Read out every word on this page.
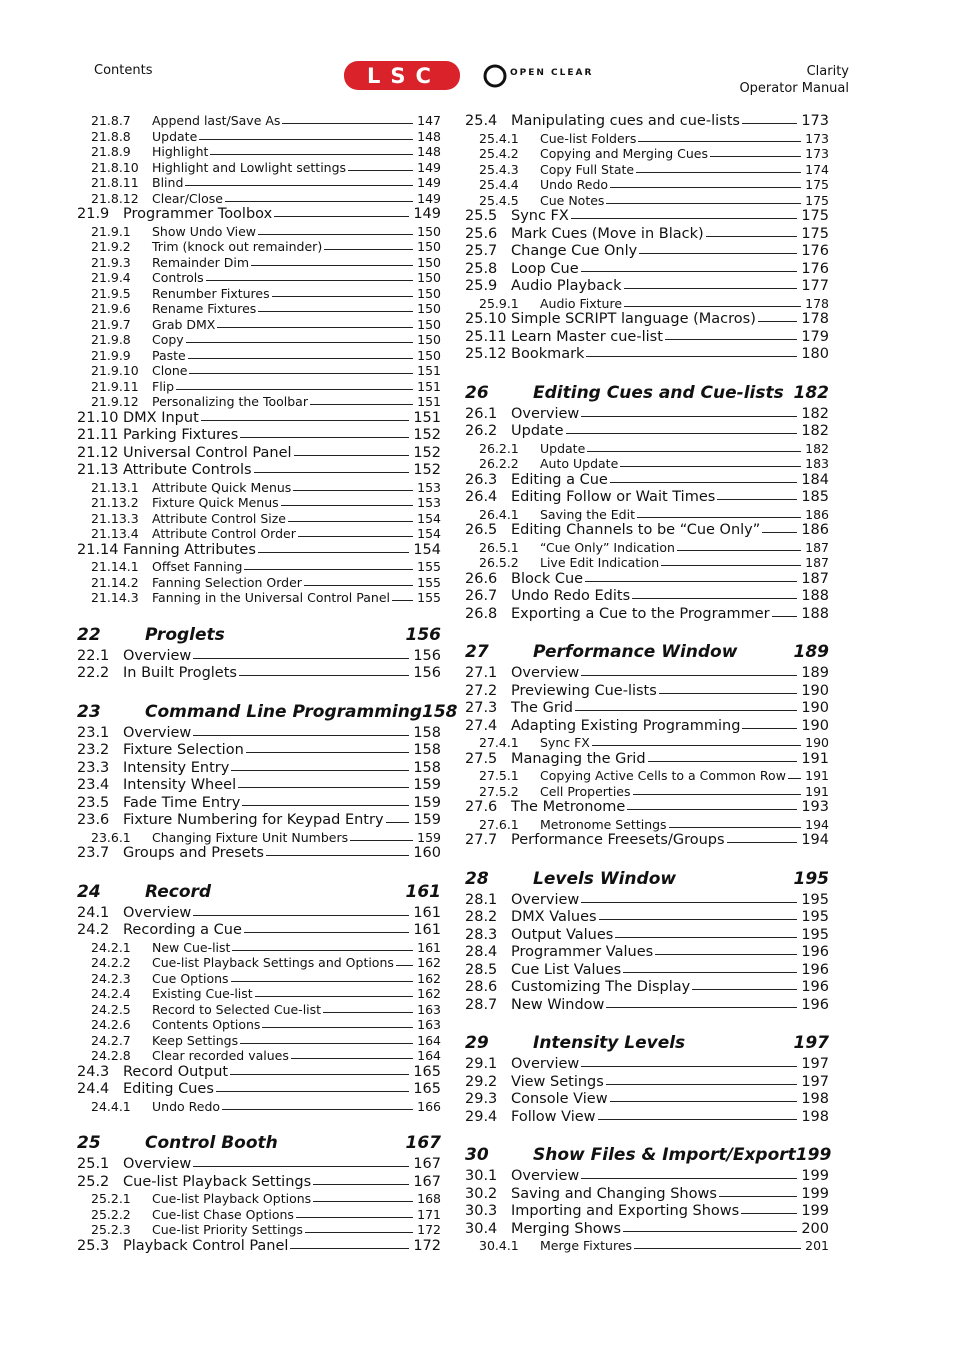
Contents	LSC	OPEN CLEAR	Clarity
Operator Manual
21.8.7	Append last/Save As	147
21.8.8	Update	148
21.8.9	Highlight	148
21.8.10	Highlight and Lowlight settings	149
21.8.11	Blind	149
21.8.12	Clear/Close	149
21.9 Programmer Toolbox	149
21.9.1	Show Undo View	150
21.9.2	Trim (knock out remainder)	150
21.9.3	Remainder Dim	150
21.9.4	Controls	150
21.9.5	Renumber Fixtures	150
21.9.6	Rename Fixtures	150
21.9.7	Grab DMX	150
21.9.8	Copy	150
21.9.9	Paste	150
21.9.10	Clone	151
21.9.11	Flip	151
21.9.12	Personalizing the Toolbar	151
21.10 DMX Input	151
21.11 Parking Fixtures	152
21.12 Universal Control Panel	152
21.13 Attribute Controls	152
21.13.1	Attribute Quick Menus	153
21.13.2	Fixture Quick Menus	153
21.13.3	Attribute Control Size	154
21.13.4	Attribute Control Order	154
21.14 Fanning Attributes	154
21.14.1	Offset Fanning	155
21.14.2	Fanning Selection Order	155
21.14.3	Fanning in the Universal Control Panel 155
22	Proglets	156
22.1 Overview	156
22.2 In Built Proglets	156
23	Command Line Programming 158
23.1 Overview	158
23.2 Fixture Selection	158
23.3 Intensity Entry	158
23.4 Intensity Wheel	159
23.5 Fade Time Entry	159
23.6 Fixture Numbering for Keypad Entry 159
23.6.1	Changing Fixture Unit Numbers	159
23.7 Groups and Presets	160
24	Record	161
24.1 Overview	161
24.2 Recording a Cue	161
24.2.1	New Cue-list	161
24.2.2	Cue-list Playback Settings and Options 162
24.2.3	Cue Options	162
24.2.4	Existing Cue-list	162
24.2.5	Record to Selected Cue-list	163
24.2.6	Contents Options	163
24.2.7	Keep Settings	164
24.2.8	Clear recorded values	164
24.3 Record Output	165
24.4 Editing Cues	165
24.4.1	Undo Redo	166
25	Control Booth	167
25.1 Overview	167
25.2 Cue-list Playback Settings	167
25.2.1	Cue-list Playback Options	168
25.2.2	Cue-list Chase Options	171
25.2.3	Cue-list Priority Settings	172
25.3 Playback Control Panel	172
25.4 Manipulating cues and cue-lists	173
25.4.1	Cue-list Folders	173
25.4.2	Copying and Merging Cues	173
25.4.3	Copy Full State	174
25.4.4	Undo Redo	175
25.4.5	Cue Notes	175
25.5 Sync FX	175
25.6 Mark Cues (Move in Black)	175
25.7 Change Cue Only	176
25.8 Loop Cue	176
25.9 Audio Playback	177
25.9.1	Audio Fixture	178
25.10 Simple SCRIPT language (Macros)	178
25.11 Learn Master cue-list	179
25.12 Bookmark	180
26	Editing Cues and Cue-lists 182
26.1 Overview	182
26.2 Update	182
26.2.1	Update	182
26.2.2	Auto Update	183
26.3 Editing a Cue	184
26.4 Editing Follow or Wait Times	185
26.4.1	Saving the Edit	186
26.5 Editing Channels to be “Cue Only”	186
26.5.1	“Cue Only” Indication	187
26.5.2	Live Edit Indication	187
26.6 Block Cue	187
26.7 Undo Redo Edits	188
26.8 Exporting a Cue to the Programmer 188
27	Performance Window	189
27.1 Overview	189
27.2 Previewing Cue-lists	190
27.3 The Grid	190
27.4 Adapting Existing Programming	190
27.4.1	Sync FX	190
27.5 Managing the Grid	191
27.5.1	Copying Active Cells to a Common Row 191
27.5.2	Cell Properties	191
27.6 The Metronome	193
27.6.1	Metronome Settings	194
27.7 Performance Freesets/Groups	194
28	Levels Window	195
28.1 Overview	195
28.2 DMX Values	195
28.3 Output Values	195
28.4 Programmer Values	196
28.5 Cue List Values	196
28.6 Customizing The Display	196
28.7 New Window	196
29	Intensity Levels	197
29.1 Overview	197
29.2 View Setings	197
29.3 Console View	198
29.4 Follow View	198
30	Show Files & Import/Export 199
30.1 Overview	199
30.2 Saving and Changing Shows	199
30.3 Importing and Exporting Shows	199
30.4 Merging Shows	200
30.4.1	Merge Fixtures	201
